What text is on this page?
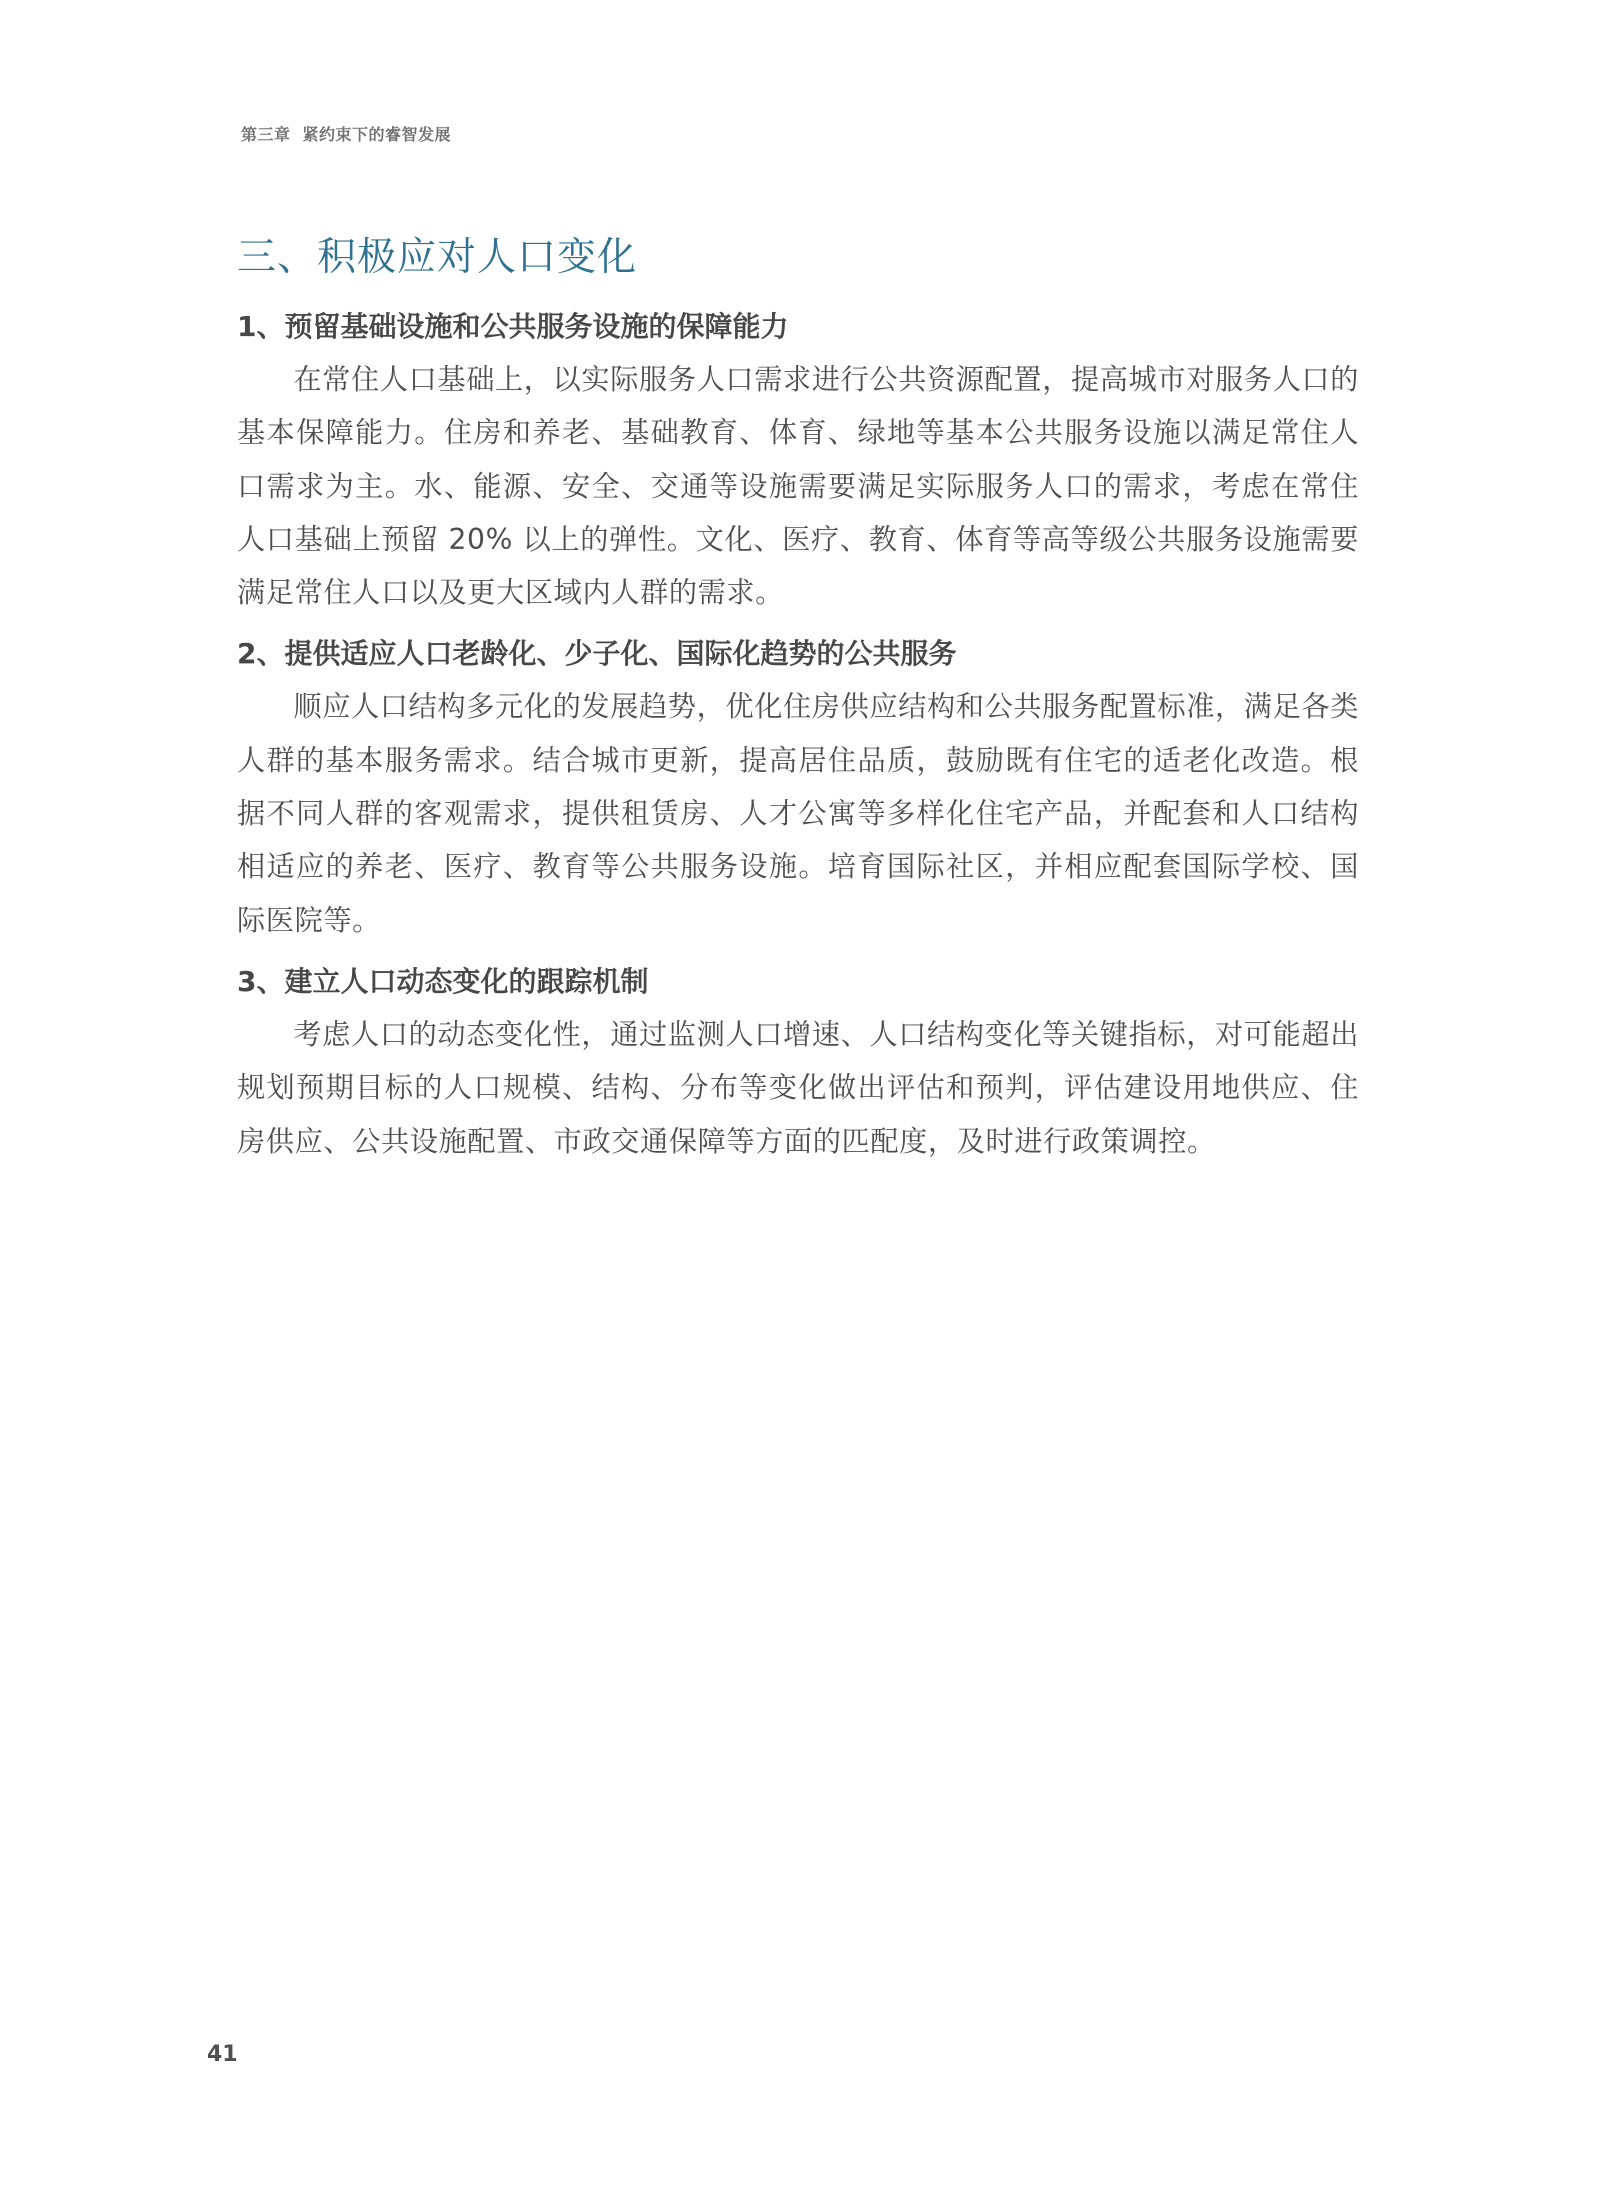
第三章 紧约束下的睿智发展
三、积极应对人口变化
1、预留基础设施和公共服务设施的保障能力

在常住人口基础上，以实际服务人口需求进行公共资源配置，提高城市对服务人口的基本保障能力。住房和养老、基础教育、体育、绿地等基本公共服务设施以满足常住人口需求为主。水、能源、安全、交通等设施需要满足实际服务人口的需求，考虑在常住人口基础上预留 20% 以上的弹性。文化、医疗、教育、体育等高等级公共服务设施需要满足常住人口以及更大区域内人群的需求。

2、提供适应人口老龄化、少子化、国际化趋势的公共服务

顺应人口结构多元化的发展趋势，优化住房供应结构和公共服务配置标准，满足各类人群的基本服务需求。结合城市更新，提高居住品质，鼓励既有住宅的适老化改造。根据不同人群的客观需求，提供租赁房、人才公寓等多样化住宅产品，并配套和人口结构相适应的养老、医疗、教育等公共服务设施。培育国际社区，并相应配套国际学校、国际医院等。

3、建立人口动态变化的跟踪机制

考虑人口的动态变化性，通过监测人口增速、人口结构变化等关键指标，对可能超出规划预期目标的人口规模、结构、分布等变化做出评估和预判，评估建设用地供应、住房供应、公共设施配置、市政交通保障等方面的匹配度，及时进行政策调控。

41
